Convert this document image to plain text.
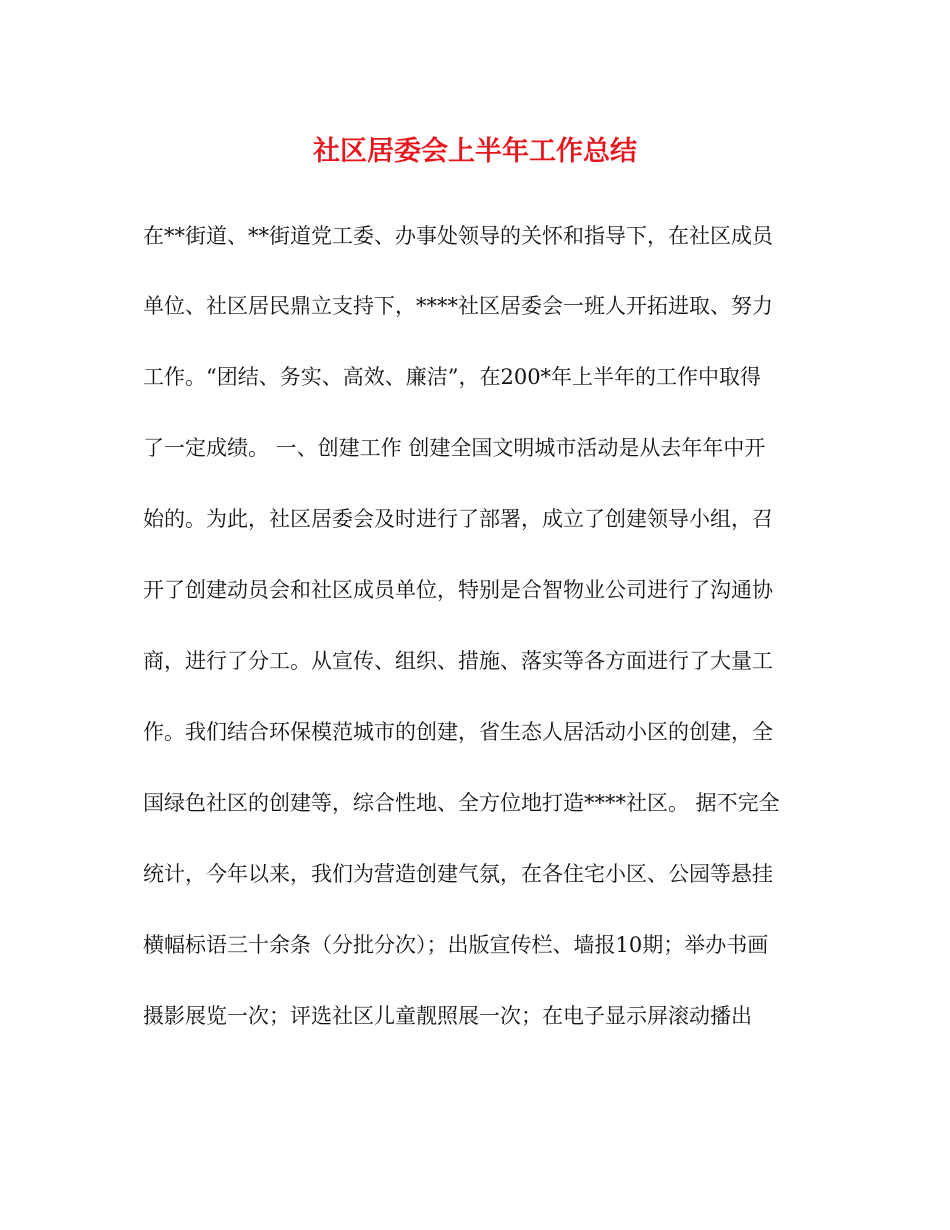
社区居委会上半年工作总结

在**街道、**街道党工委、办事处领导的关怀和指导下，在社区成员

单位、社区居民鼎立支持下，****社区居委会一班人开拓进取、努力

工作。“团结、务实、高效、廉洁”，在200*年上半年的工作中取得

了一定成绩。 一、创建工作 创建全国文明城市活动是从去年年中开

始的。为此，社区居委会及时进行了部署，成立了创建领导小组，召

开了创建动员会和社区成员单位，特别是合智物业公司进行了沟通协

商，进行了分工。从宣传、组织、措施、落实等各方面进行了大量工

作。我们结合环保模范城市的创建，省生态人居活动小区的创建，全

国绿色社区的创建等，综合性地、全方位地打造****社区。 据不完全

统计，今年以来，我们为营造创建气氛，在各住宅小区、公园等悬挂

横幅标语三十余条（分批分次）；出版宣传栏、墙报10期；举办书画

摄影展览一次；评选社区儿童靓照展一次；在电子显示屏滚动播出
